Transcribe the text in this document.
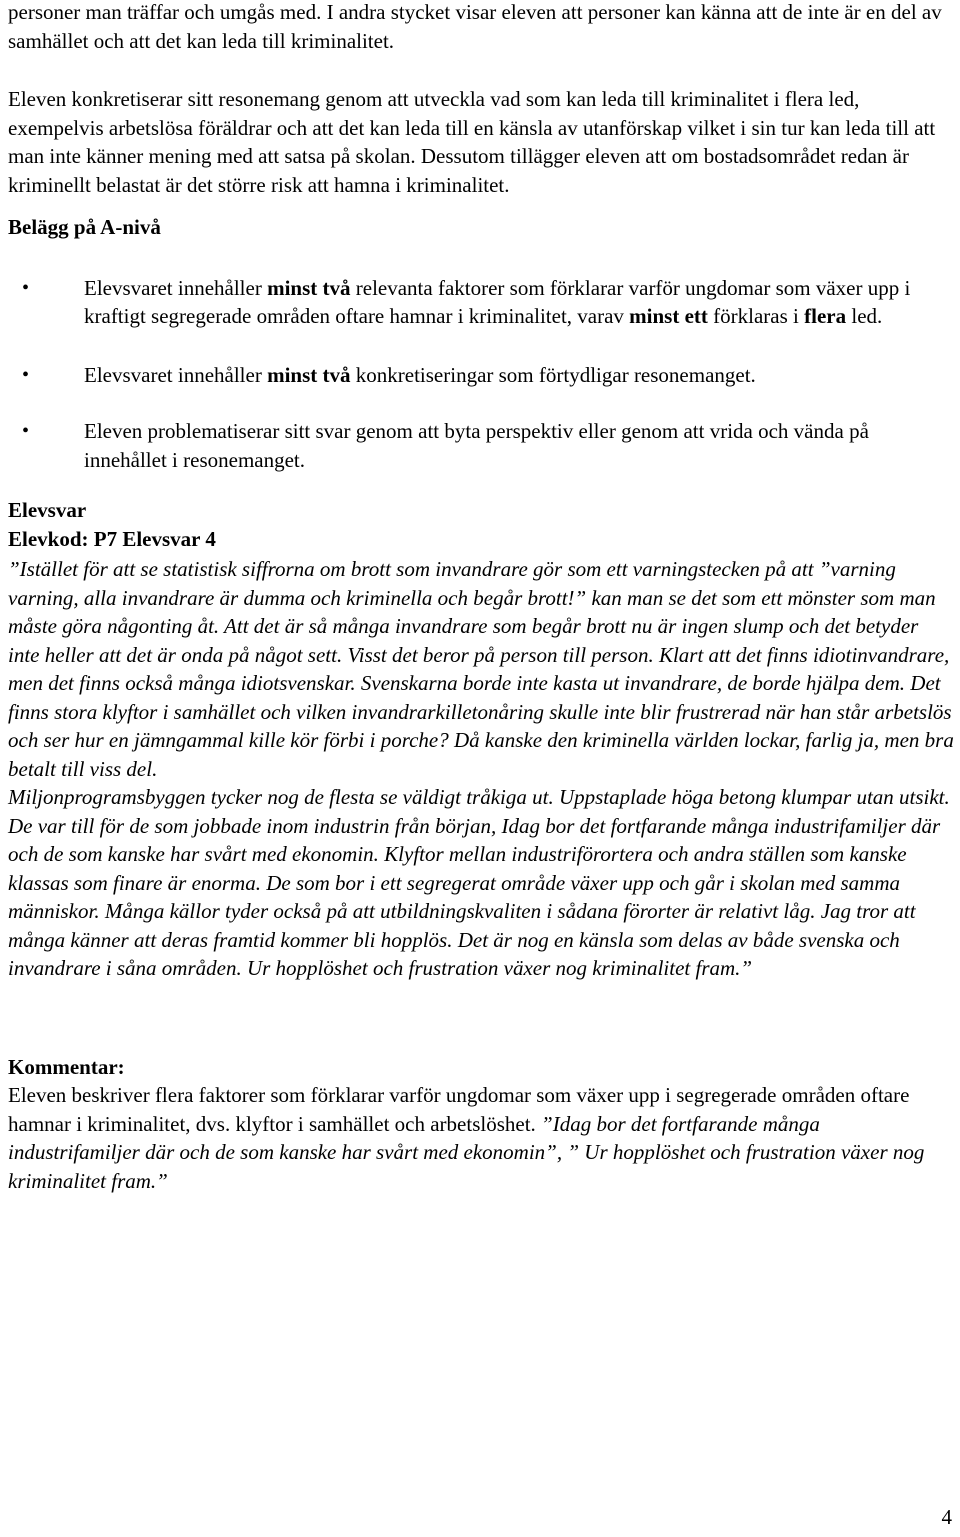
personer man träffar och umgås med. I andra stycket visar eleven att personer kan känna att de inte är en del av samhället och att det kan leda till kriminalitet.

Eleven konkretiserar sitt resonemang genom att utveckla vad som kan leda till kriminalitet i flera led, exempelvis arbetslösa föräldrar och att det kan leda till en känsla av utanförskap vilket i sin tur kan leda till att man inte känner mening med att satsa på skolan. Dessutom tillägger eleven att om bostadsområdet redan är kriminellt belastat är det större risk att hamna i kriminalitet.

Belägg på A-nivå

•	Elevsvaret innehåller minst två relevanta faktorer som förklarar varför ungdomar som växer upp i kraftigt segregerade områden oftare hamnar i kriminalitet, varav minst ett förklaras i flera led.
•	Elevsvaret innehåller minst två konkretiseringar som förtydligar resonemanget.
•	Eleven problematiserar sitt svar genom att byta perspektiv eller genom att vrida och vända på innehållet i resonemanget.

Elevsvar

Elevkod: P7 Elevsvar 4

”Istället för att se statistisk siffrorna om brott som invandrare gör som ett varningstecken på att ”varning varning, alla invandrare är dumma och kriminella och begår brott!” kan man se det som ett mönster som man måste göra någonting åt. Att det är så många invandrare som begår brott nu är ingen slump och det betyder inte heller att det är onda på något sett. Visst det beror på person till person. Klart att det finns idiotinvandrare, men det finns också många idiotsvenskar. Svenskarna borde inte kasta ut invandrare, de borde hjälpa dem. Det finns stora klyftor i samhället och vilken invandrarkilletonåring skulle inte blir frustrerad när han står arbetslös och ser hur en jämngammal kille kör förbi i porche? Då kanske den kriminella världen lockar, farlig ja, men bra betalt till viss del.

Miljonprogramsbyggen tycker nog de flesta se väldigt tråkiga ut. Uppstaplade höga betong klumpar utan utsikt. De var till för de som jobbade inom industrin från början, Idag bor det fortfarande många industrifamiljer där och de som kanske har svårt med ekonomin. Klyftor mellan industriförortera och andra ställen som kanske klassas som finare är enorma. De som bor i ett segregerat område växer upp och går i skolan med samma människor. Många källor tyder också på att utbildningskvaliten i sådana förorter är relativt låg. Jag tror att många känner att deras framtid kommer bli hopplös. Det är nog en känsla som delas av både svenska och invandrare i såna områden. Ur hopplöshet och frustration växer nog kriminalitet fram.”

Kommentar:

Eleven beskriver flera faktorer som förklarar varför ungdomar som växer upp i segregerade områden oftare hamnar i kriminalitet, dvs. klyftor i samhället och arbetslöshet. ”Idag bor det fortfarande många industrifamiljer där och de som kanske har svårt med ekonomin”, ” Ur hopplöshet och frustration växer nog kriminalitet fram.”

4
